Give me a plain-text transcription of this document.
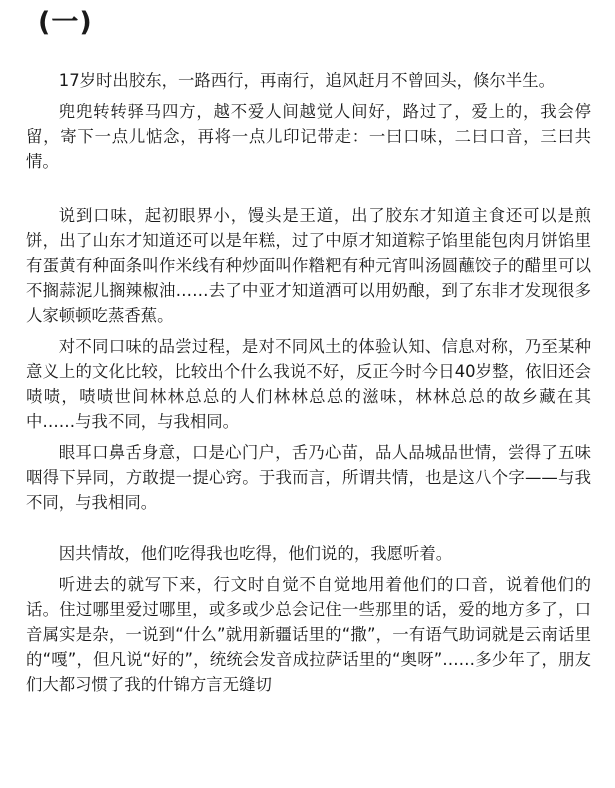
(一)

17岁时出胶东，一路西行，再南行，追风赶月不曾回头，倏尔半生。

兜兜转转驿马四方，越不爱人间越觉人间好，路过了，爱上的，我会停留，寄下一点儿惦念，再将一点儿印记带走：一曰口味，二曰口音，三曰共情。

说到口味，起初眼界小，馒头是王道，出了胶东才知道主食还可以是煎饼，出了山东才知道还可以是年糕，过了中原才知道粽子馅里能包肉月饼馅里有蛋黄有种面条叫作米线有种炒面叫作糌粑有种元宵叫汤圆蘸饺子的醋里可以不搁蒜泥儿搁辣椒油……去了中亚才知道酒可以用奶酿，到了东非才发现很多人家顿顿吃蒸香蕉。

对不同口味的品尝过程，是对不同风土的体验认知、信息对称，乃至某种意义上的文化比较，比较出个什么我说不好，反正今时今日40岁整，依旧还会啧啧，啧啧世间林林总总的人们林林总总的滋味，林林总总的故乡藏在其中……与我不同，与我相同。

眼耳口鼻舌身意，口是心门户，舌乃心苗，品人品城品世情，尝得了五味咽得下异同，方敢提一提心窍。于我而言，所谓共情，也是这八个字——与我不同，与我相同。

因共情故，他们吃得我也吃得，他们说的，我愿听着。

听进去的就写下来，行文时自觉不自觉地用着他们的口音，说着他们的话。住过哪里爱过哪里，或多或少总会记住一些那里的话，爱的地方多了，口音属实是杂，一说到“什么”就用新疆话里的“撒”，一有语气助词就是云南话里的“嘎”，但凡说“好的”，统统会发音成拉萨话里的“奥呀”……多少年了，朋友们大都习惯了我的什锦方言无缝切
